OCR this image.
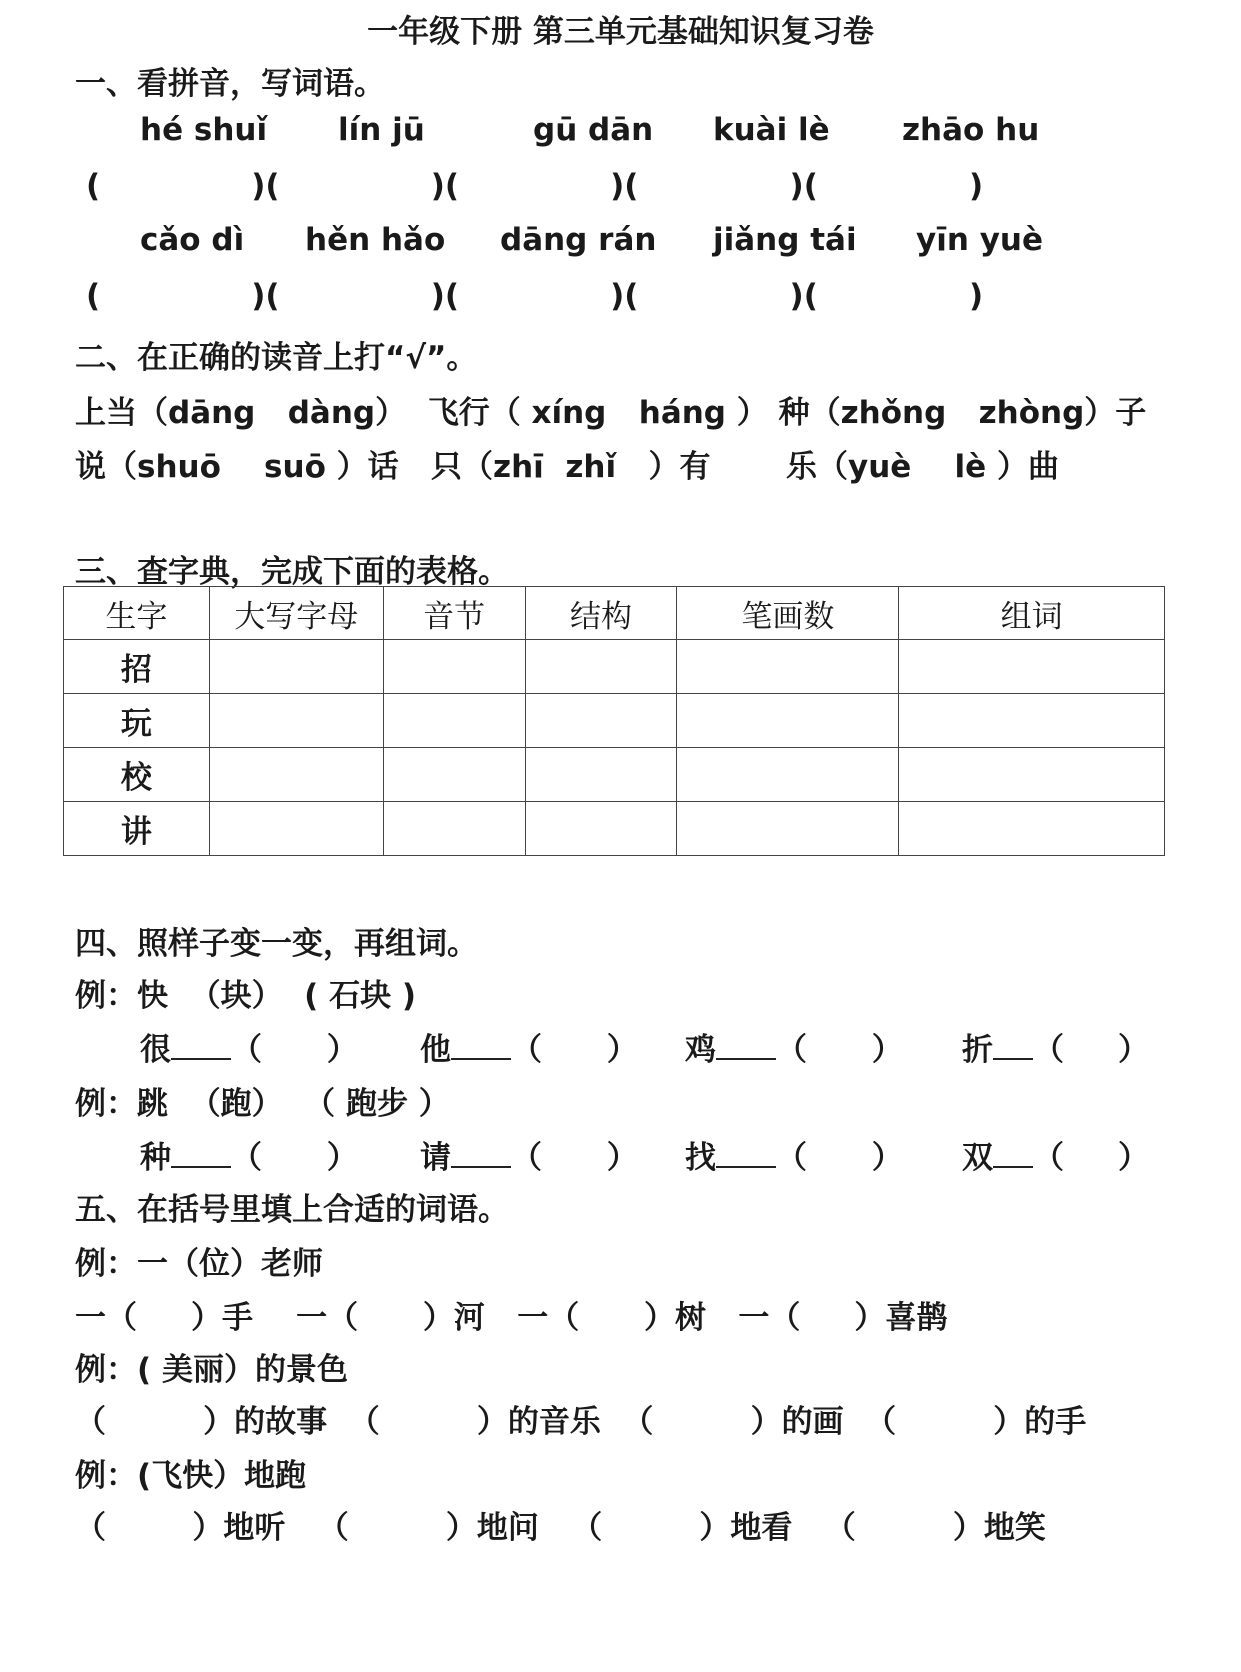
一年级下册 第三单元基础知识复习卷
一、看拼音，写词语。
hé shuǐ lín jū	gū dān kuài lè zhāo hu
(              )(              )(              )(              )(              )
cǎo dì hěn hǎo dāng rán jiǎng tái yīn yuè
(              )(              )(              )(              )(              )
二、在正确的读音上打“√”。
上当（dāng   dàng）  飞行（ xíng   háng ） 种（zhǒng   zhòng）子
说（shuō    suō ）话   只（zhī  zhǐ   ）有       乐（yuè    lè ）曲
三、查字典，完成下面的表格。
生字	大写字母	音节	结构	笔画数	组词
招					
玩					
校					
讲					
四、照样子变一变，再组词。
例：快  （块）  ( 石块 )
很 （      ） 他 （      ） 鸡 （      ） 折 （     ）
例：跳  （跑）  （ 跑步 ）
种 （      ） 请 （      ） 找 （      ） 双 （     ）
五、在括号里填上合适的词语。
例：一（位）老师
一（     ）手    一（      ）河   一（      ）树   一（     ）喜鹊
例：( 美丽）的景色
（         ）的故事  （         ）的音乐  （         ）的画  （         ）的手
例：(飞快）地跑
（        ）地听   （         ）地问   （         ）地看   （         ）地笑
